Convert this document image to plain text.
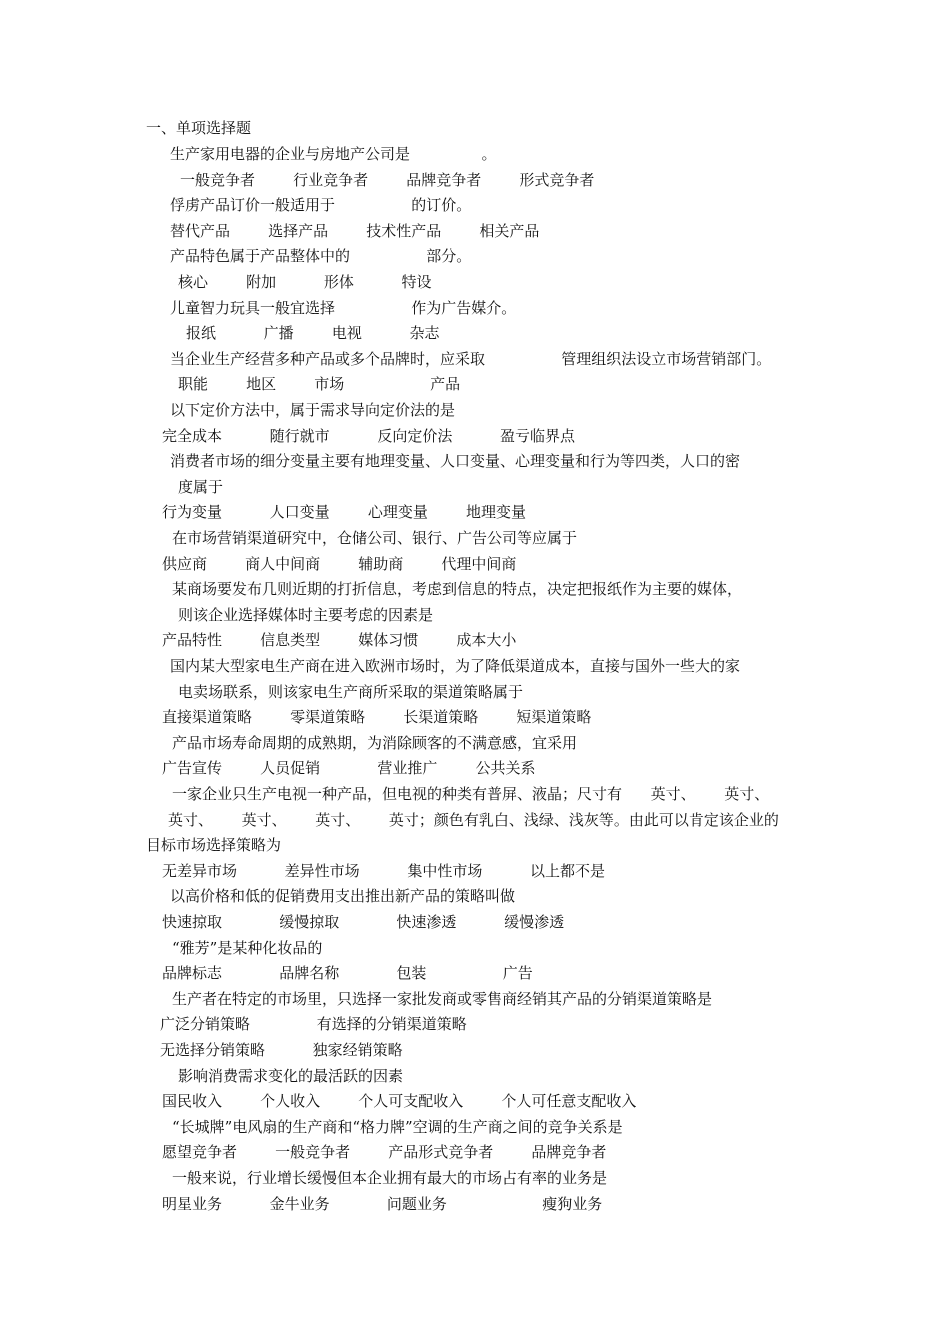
一、单项选择题
生产家用电器的企业与房地产公司是               。
一般竞争者        行业竞争者        品牌竞争者        形式竞争者
俘虏产品订价一般适用于                的订价。
替代产品        选择产品        技术性产品        相关产品
产品特色属于产品整体中的                部分。
核心        附加          形体          特设
儿童智力玩具一般宜选择                作为广告媒介。
报纸          广播        电视          杂志
当企业生产经营多种产品或多个品牌时，应采取                管理组织法设立市场营销部门。
职能        地区        市场                  产品
以下定价方法中，属于需求导向定价法的是
完全成本          随行就市          反向定价法          盈亏临界点
消费者市场的细分变量主要有地理变量、人口变量、心理变量和行为等四类，人口的密
度属于
行为变量          人口变量        心理变量        地理变量
在市场营销渠道研究中，仓储公司、银行、广告公司等应属于
供应商        商人中间商        辅助商        代理中间商
某商场要发布几则近期的打折信息，考虑到信息的特点，决定把报纸作为主要的媒体，
则该企业选择媒体时主要考虑的因素是
产品特性        信息类型        媒体习惯        成本大小
国内某大型家电生产商在进入欧洲市场时，为了降低渠道成本，直接与国外一些大的家
电卖场联系，则该家电生产商所采取的渠道策略属于
直接渠道策略        零渠道策略        长渠道策略        短渠道策略
产品市场寿命周期的成熟期，为消除顾客的不满意感，宜采用
广告宣传        人员促销            营业推广        公共关系
一家企业只生产电视一种产品，但电视的种类有普屏、液晶；尺寸有      英寸、      英寸、
英寸、      英寸、      英寸、      英寸；颜色有乳白、浅绿、浅灰等。由此可以肯定该企业的
目标市场选择策略为
无差异市场          差异性市场          集中性市场          以上都不是
以高价格和低的促销费用支出推出新产品的策略叫做
快速掠取            缓慢掠取            快速渗透          缓慢渗透
“雅芳”是某种化妆品的
品牌标志            品牌名称            包装                广告
生产者在特定的市场里，只选择一家批发商或零售商经销其产品的分销渠道策略是
广泛分销策略              有选择的分销渠道策略
无选择分销策略          独家经销策略
影响消费需求变化的最活跃的因素
国民收入        个人收入        个人可支配收入        个人可任意支配收入
“长城牌”电风扇的生产商和“格力牌”空调的生产商之间的竞争关系是
愿望竞争者        一般竞争者        产品形式竞争者        品牌竞争者
一般来说，行业增长缓慢但本企业拥有最大的市场占有率的业务是
明星业务          金牛业务            问题业务                    瘦狗业务
